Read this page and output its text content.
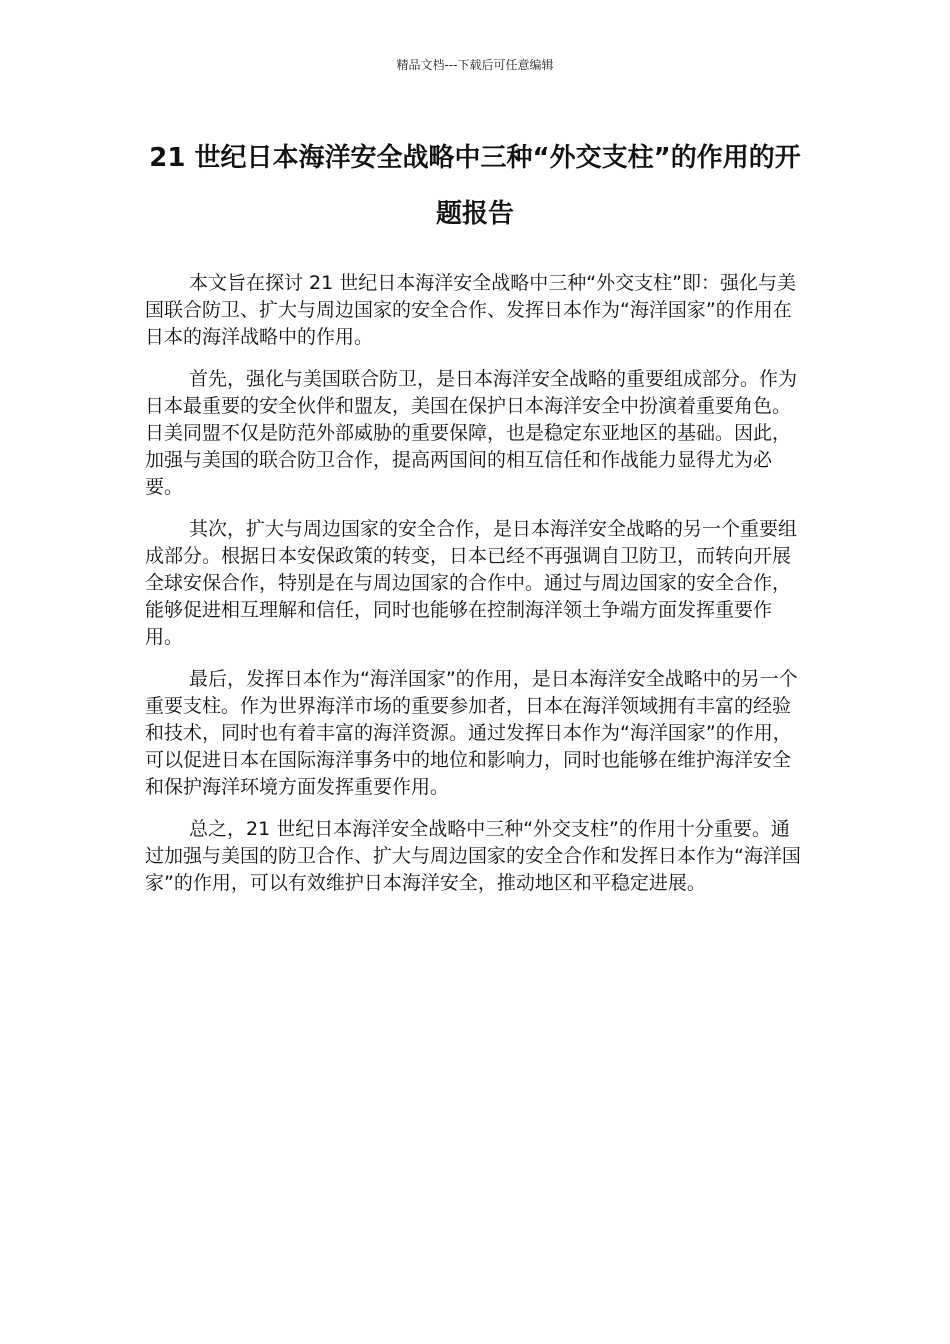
精品文档---下载后可任意编辑
21 世纪日本海洋安全战略中三种“外交支柱”的作用的开题报告

本文旨在探讨 21 世纪日本海洋安全战略中三种“外交支柱”即：强化与美国联合防卫、扩大与周边国家的安全合作、发挥日本作为“海洋国家”的作用在日本的海洋战略中的作用。

首先，强化与美国联合防卫，是日本海洋安全战略的重要组成部分。作为日本最重要的安全伙伴和盟友，美国在保护日本海洋安全中扮演着重要角色。日美同盟不仅是防范外部威胁的重要保障，也是稳定东亚地区的基础。因此，加强与美国的联合防卫合作，提高两国间的相互信任和作战能力显得尤为必要。

其次，扩大与周边国家的安全合作，是日本海洋安全战略的另一个重要组成部分。根据日本安保政策的转变，日本已经不再强调自卫防卫，而转向开展全球安保合作，特别是在与周边国家的合作中。通过与周边国家的安全合作，能够促进相互理解和信任，同时也能够在控制海洋领土争端方面发挥重要作用。

最后，发挥日本作为“海洋国家”的作用，是日本海洋安全战略中的另一个重要支柱。作为世界海洋市场的重要参加者，日本在海洋领域拥有丰富的经验和技术，同时也有着丰富的海洋资源。通过发挥日本作为“海洋国家”的作用，可以促进日本在国际海洋事务中的地位和影响力，同时也能够在维护海洋安全和保护海洋环境方面发挥重要作用。

总之，21 世纪日本海洋安全战略中三种“外交支柱”的作用十分重要。通过加强与美国的防卫合作、扩大与周边国家的安全合作和发挥日本作为“海洋国家”的作用，可以有效维护日本海洋安全，推动地区和平稳定进展。
